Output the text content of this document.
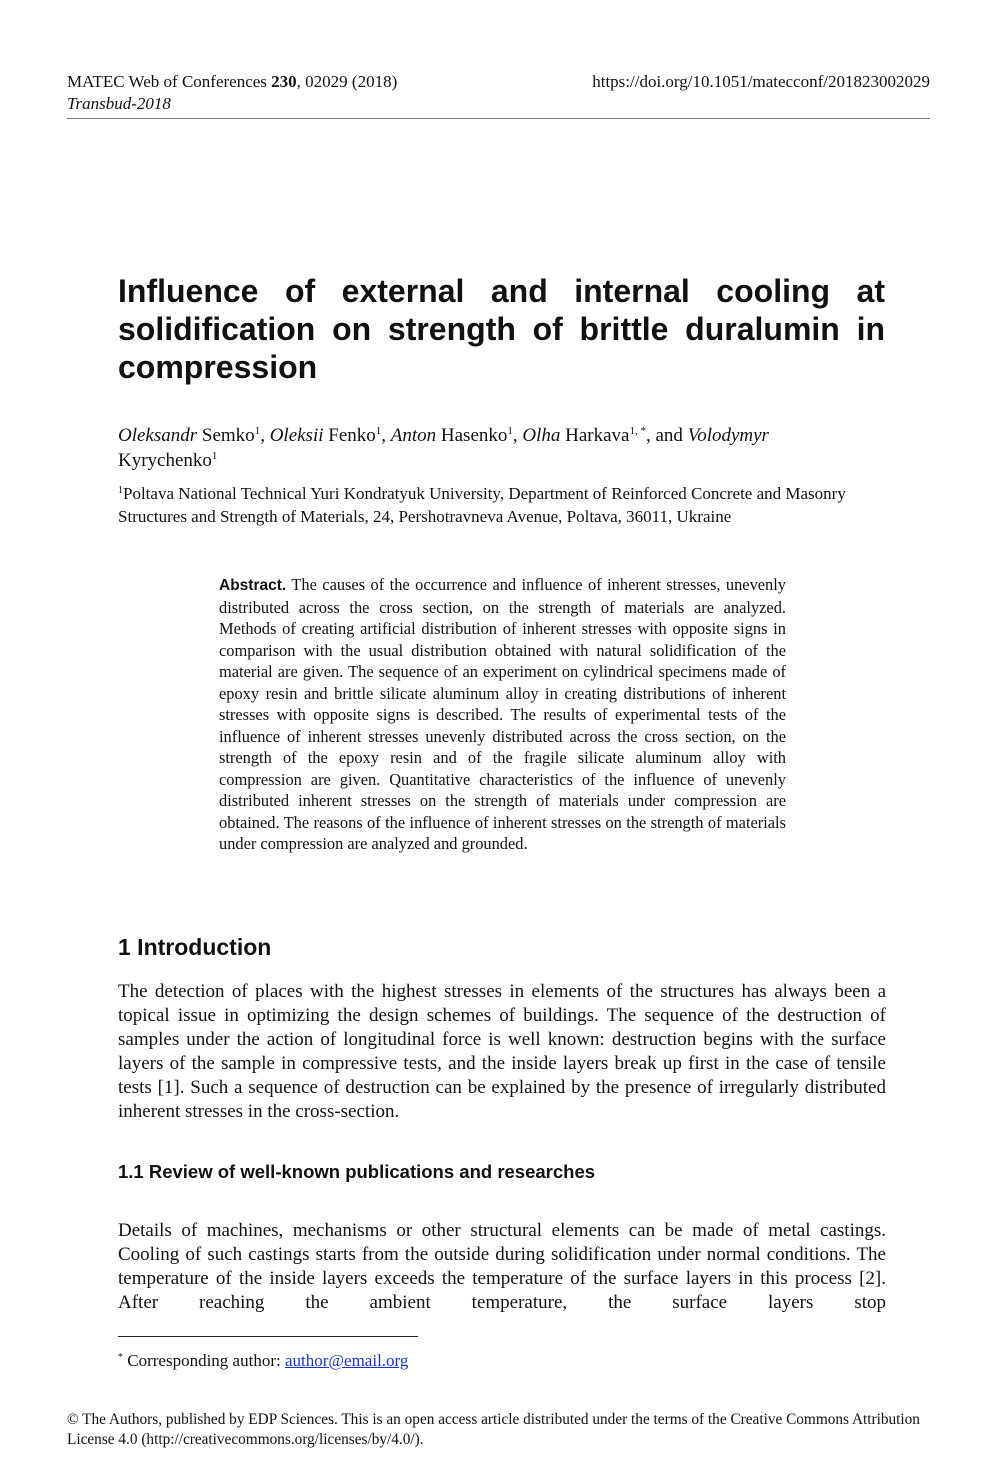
MATEC Web of Conferences 230, 02029 (2018)
Transbud-2018
https://doi.org/10.1051/matecconf/201823002029
Influence of external and internal cooling at solidification on strength of brittle duralumin in compression
Oleksandr Semko$^1$, Oleksii Fenko$^1$, Anton Hasenko$^1$, Olha Harkava$^{1, *}$, and Volodymyr
Kyrychenko$^1$
$^1$Poltava National Technical Yuri Kondratyuk University, Department of Reinforced Concrete and Masonry Structures and Strength of Materials, 24, Pershotravneva Avenue, Poltava, 36011, Ukraine

Abstract. The causes of the occurrence and influence of inherent stresses, unevenly distributed across the cross section, on the strength of materials are analyzed. Methods of creating artificial distribution of inherent stresses with opposite signs in comparison with the usual distribution obtained with natural solidification of the material are given. The sequence of an experiment on cylindrical specimens made of epoxy resin and brittle silicate aluminum alloy in creating distributions of inherent stresses with opposite signs is described. The results of experimental tests of the influence of inherent stresses unevenly distributed across the cross section, on the strength of the epoxy resin and of the fragile silicate aluminum alloy with compression are given. Quantitative characteristics of the influence of unevenly distributed inherent stresses on the strength of materials under compression are obtained. The reasons of the influence of inherent stresses on the strength of materials under compression are analyzed and grounded.

1 Introduction

The detection of places with the highest stresses in elements of the structures has always been a topical issue in optimizing the design schemes of buildings. The sequence of the destruction of samples under the action of longitudinal force is well known: destruction begins with the surface layers of the sample in compressive tests, and the inside layers break up first in the case of tensile tests [1]. Such a sequence of destruction can be explained by the presence of irregularly distributed inherent stresses in the cross-section.

1.1 Review of well-known publications and researches

Details of machines, mechanisms or other structural elements can be made of metal castings. Cooling of such castings starts from the outside during solidification under normal conditions. The temperature of the inside layers exceeds the temperature of the surface layers in this process [2]. After reaching the ambient temperature, the surface layers stop

* Corresponding author: author@email.org
© The Authors, published by EDP Sciences. This is an open access article distributed under the terms of the Creative Commons Attribution License 4.0 (http://creativecommons.org/licenses/by/4.0/).
